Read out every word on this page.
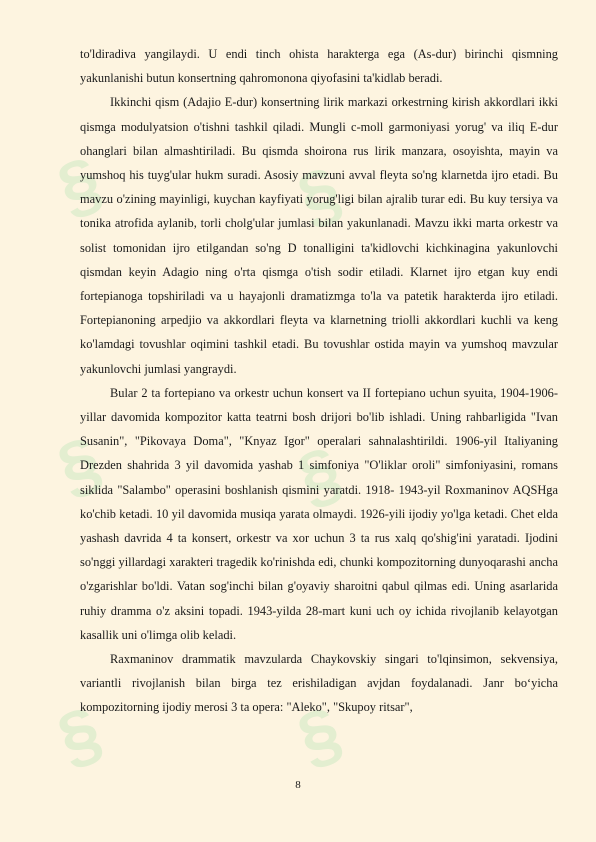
§	§
§	§
§	§

to'ldiradiva yangilaydi. U endi tinch ohista harakterga ega (As-dur) birinchi qismning yakunlanishi butun konsertning qahromonona qiyofasini ta'kidlab beradi.

Ikkinchi qism (Adajio E-dur) konsertning lirik markazi orkestrning kirish akkordlari ikki qismga modulyatsion o'tishni tashkil qiladi. Mungli c-moll garmoniyasi yorug' va iliq E-dur ohanglari bilan almashtiriladi. Bu qismda shoirona rus lirik manzara, osoyishta, mayin va yumshoq his tuyg'ular hukm suradi. Asosiy mavzuni avval fleyta so'ng klarnetda ijro etadi. Bu mavzu o'zining mayinligi, kuychan kayfiyati yorug'ligi bilan ajralib turar edi. Bu kuy tersiya va tonika atrofida aylanib, torli cholg'ular jumlasi bilan yakunlanadi. Mavzu ikki marta orkestr va solist tomonidan ijro etilgandan so'ng D tonalligini ta'kidlovchi kichkinagina yakunlovchi qismdan keyin Adagio ning o'rta qismga o'tish sodir etiladi. Klarnet ijro etgan kuy endi fortepianoga topshiriladi va u hayajonli dramatizmga to'la va patetik harakterda ijro etiladi. Fortepianoning arpedjio va akkordlari fleyta va klarnetning triolli akkordlari kuchli va keng ko'lamdagi tovushlar oqimini tashkil etadi. Bu tovushlar ostida mayin va yumshoq mavzular yakunlovchi jumlasi yangraydi.

Bular 2 ta fortepiano va orkestr uchun konsert va II fortepiano uchun syuita, 1904-1906-yillar davomida kompozitor katta teatrni bosh drijori bo'lib ishladi. Uning rahbarligida "Ivan Susanin", "Pikovaya Doma", "Knyaz Igor" operalari sahnalashtirildi. 1906-yil Italiyaning Drezden shahrida 3 yil davomida yashab 1 simfoniya "O'liklar oroli" simfoniyasini, romans siklida "Salambo" operasini boshlanish qismini yaratdi. 1918- 1943-yil Roxmaninov AQSHga ko'chib ketadi. 10 yil davomida musiqa yarata olmaydi. 1926-yili ijodiy yo'lga ketadi. Chet elda yashash davrida 4 ta konsert, orkestr va xor uchun 3 ta rus xalq qo'shig'ini yaratadi. Ijodini so'nggi yillardagi xarakteri tragedik ko'rinishda edi, chunki kompozitorning dunyoqarashi ancha o'zgarishlar bo'ldi. Vatan sog'inchi bilan g'oyaviy sharoitni qabul qilmas edi. Uning asarlarida ruhiy dramma o'z aksini topadi. 1943-yilda 28-mart kuni uch oy ichida rivojlanib kelayotgan kasallik uni o'limga olib keladi.

Raxmaninov drammatik mavzularda Chaykovskiy singari to'lqinsimon, sekvensiya, variantli rivojlanish bilan birga tez erishiladigan avjdan foydalanadi. Janr boʻyicha kompozitorning ijodiy merosi 3 ta opera: "Aleko", "Skupoy ritsar",

8
